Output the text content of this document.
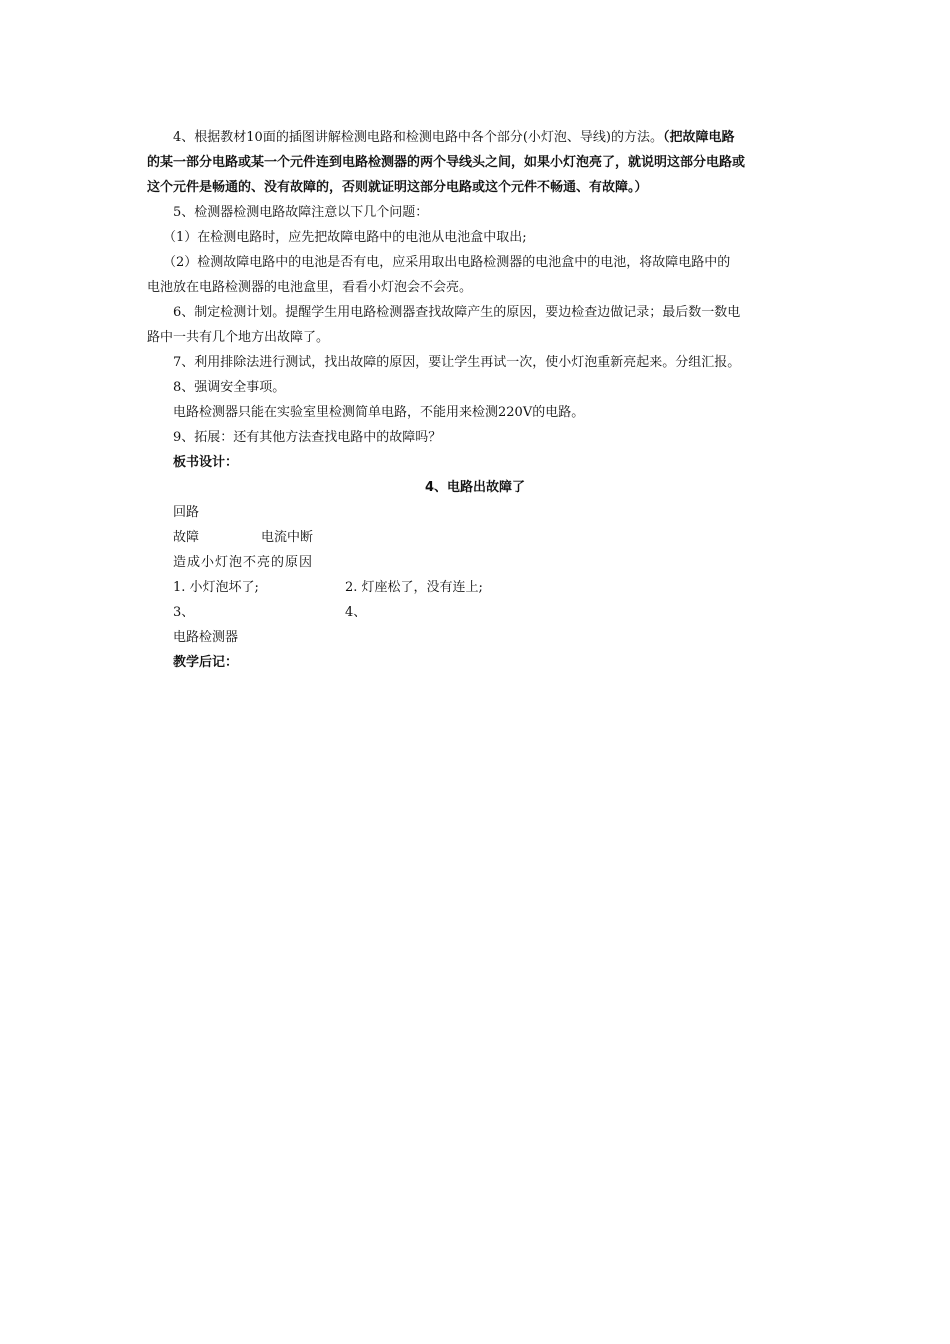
4、根据教材10面的插图讲解检测电路和检测电路中各个部分(小灯泡、导线)的方法。（把故障电路
的某一部分电路或某一个元件连到电路检测器的两个导线头之间，如果小灯泡亮了，就说明这部分电路或
这个元件是畅通的、没有故障的，否则就证明这部分电路或这个元件不畅通、有故障。）
5、检测器检测电路故障注意以下几个问题：
（1）在检测电路时，应先把故障电路中的电池从电池盒中取出;
（2）检测故障电路中的电池是否有电，应采用取出电路检测器的电池盒中的电池，将故障电路中的
电池放在电路检测器的电池盒里，看看小灯泡会不会亮。
6、制定检测计划。提醒学生用电路检测器查找故障产生的原因，要边检查边做记录；最后数一数电
路中一共有几个地方出故障了。
7、利用排除法进行测试，找出故障的原因，要让学生再试一次，使小灯泡重新亮起来。分组汇报。
8、强调安全事项。
电路检测器只能在实验室里检测简单电路，不能用来检测220V的电路。
9、拓展：还有其他方法查找电路中的故障吗？
板书设计：
4、电路出故障了
回路
故障	电流中断
造成小灯泡不亮的原因
1. 小灯泡坏了;	2. 灯座松了，没有连上;
3、	4、
电路检测器
教学后记：
